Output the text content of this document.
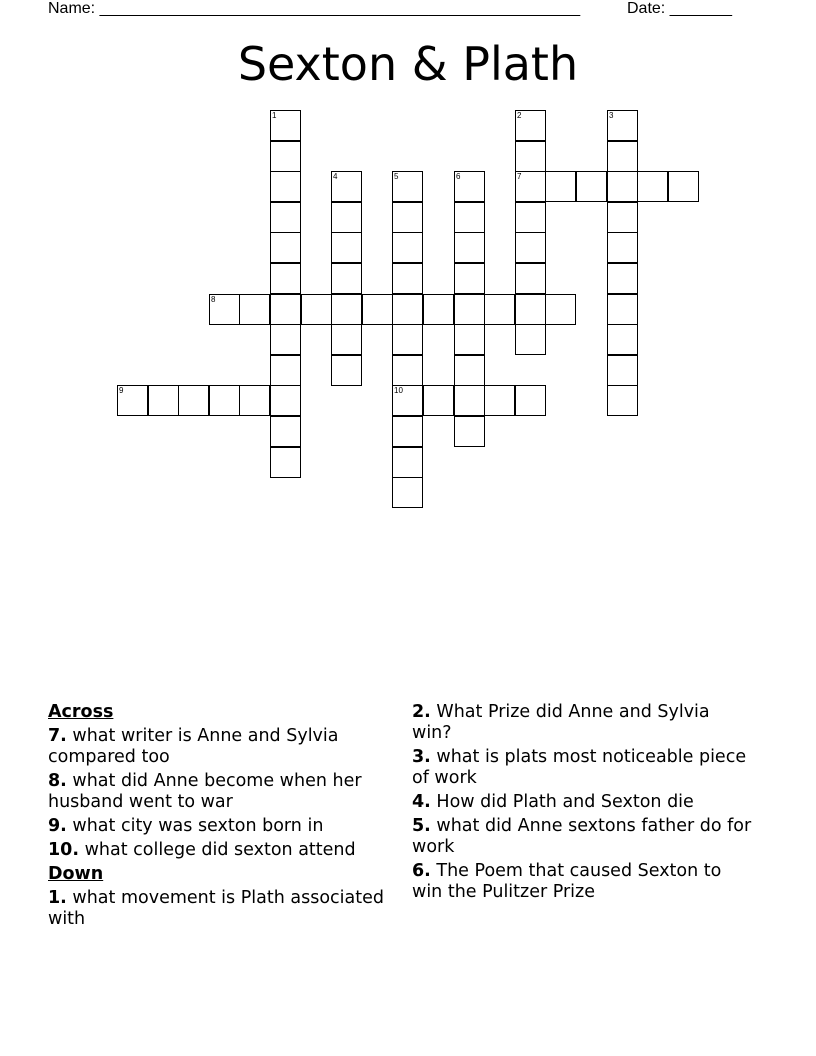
Name: ______________________________________________________	Date: _______
Sexton & Plath
1	2
7
3
4	5
10
6
8
9
Across
7. what writer is Anne and Sylvia compared too
8. what did Anne become when her husband went to war
9. what city was sexton born in
10. what college did sexton attend
Down
1. what movement is Plath associated with
2. What Prize did Anne and Sylvia win?
3. what is plats most noticeable piece of work
4. How did Plath and Sexton die
5. what did Anne sextons father do for work
6. The Poem that caused Sexton to win the Pulitzer Prize
